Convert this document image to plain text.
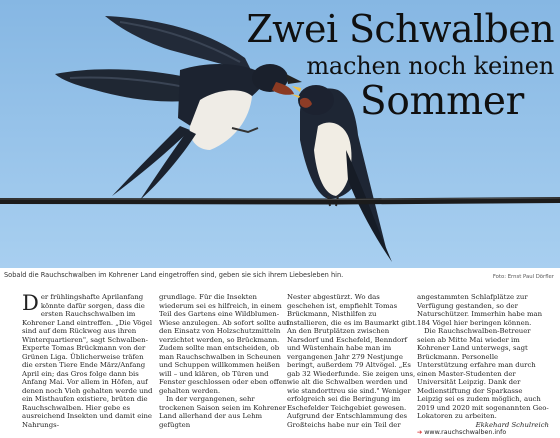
Zwei Schwalben
machen noch keinen
Sommer
Sobald die Rauchschwalben im Kohrener Land eingetroffen sind, geben sie sich ihrem Liebesleben hin.	Foto: Ernst Paul Dörfler

Der frühlingshafte Aprilanfang könnte dafür sorgen, dass die ersten Rauchschwalben im Kohrener Land eintreffen. „Die Vögel sind auf dem Rückweg aus ihren Winterquartieren", sagt Schwalben-Experte Tomas Brückmann von der Grünen Liga. Üblicherweise träfen die ersten Tiere Ende März/Anfang April ein; das Gros folge dann bis Anfang Mai. Vor allem in Höfen, auf denen noch Vieh gehalten werde und ein Misthaufen existiere, brüten die Rauchschwalben. Hier gebe es ausreichend Insekten und damit eine Nahrungs-

grundlage. Für die Insekten wiederum sei es hilfreich, in einem Teil des Gartens eine Wildblumen-Wiese anzulegen. Ab sofort sollte auf den Einsatz von Holzschutzmitteln verzichtet werden, so Brückmann. Zudem sollte man entscheiden, ob man Rauchschwalben in Scheunen und Schuppen willkommen heißen will – und klären, ob Türen und Fenster geschlossen oder eben offen gehalten werden.

In der vergangenen, sehr trockenen Saison seien im Kohrener Land allerhand der aus Lehm gefügten

Nester abgestürzt. Wo das geschehen ist, empfiehlt Tomas Brückmann, Nisthilfen zu installieren, die es im Baumarkt gibt. An den Brutplätzen zwischen Narsdorf und Eschefeld, Benndorf und Wüstenhain habe man im vergangenen Jahr 279 Nestjunge beringt, außerdem 79 Altvögel. „Es gab 32 Wiederfunde. Sie zeigen uns, wie alt die Schwalben werden und wie standorttreu sie sind." Weniger erfolgreich sei die Beringung im Eschefelder Teichgebiet gewesen. Aufgrund der Entschlammung des Großteichs habe nur ein Teil der

angestammten Schlafplätze zur Verfügung gestanden, so der Naturschützer. Immerhin habe man 184 Vögel hier beringen können.

Die Rauchschwalben-Betreuer seien ab Mitte Mai wieder im Kohrener Land unterwegs, sagt Brückmann. Personelle Unterstützung erfahre man durch einen Master-Studenten der Universität Leipzig. Dank der Medienstiftung der Sparkasse Leipzig sei es zudem möglich, auch 2019 und 2020 mit sogenannten Geo-Lokatoren zu arbeiten.

Ekkehard Schulreich
➔ www.rauchschwalben.info
